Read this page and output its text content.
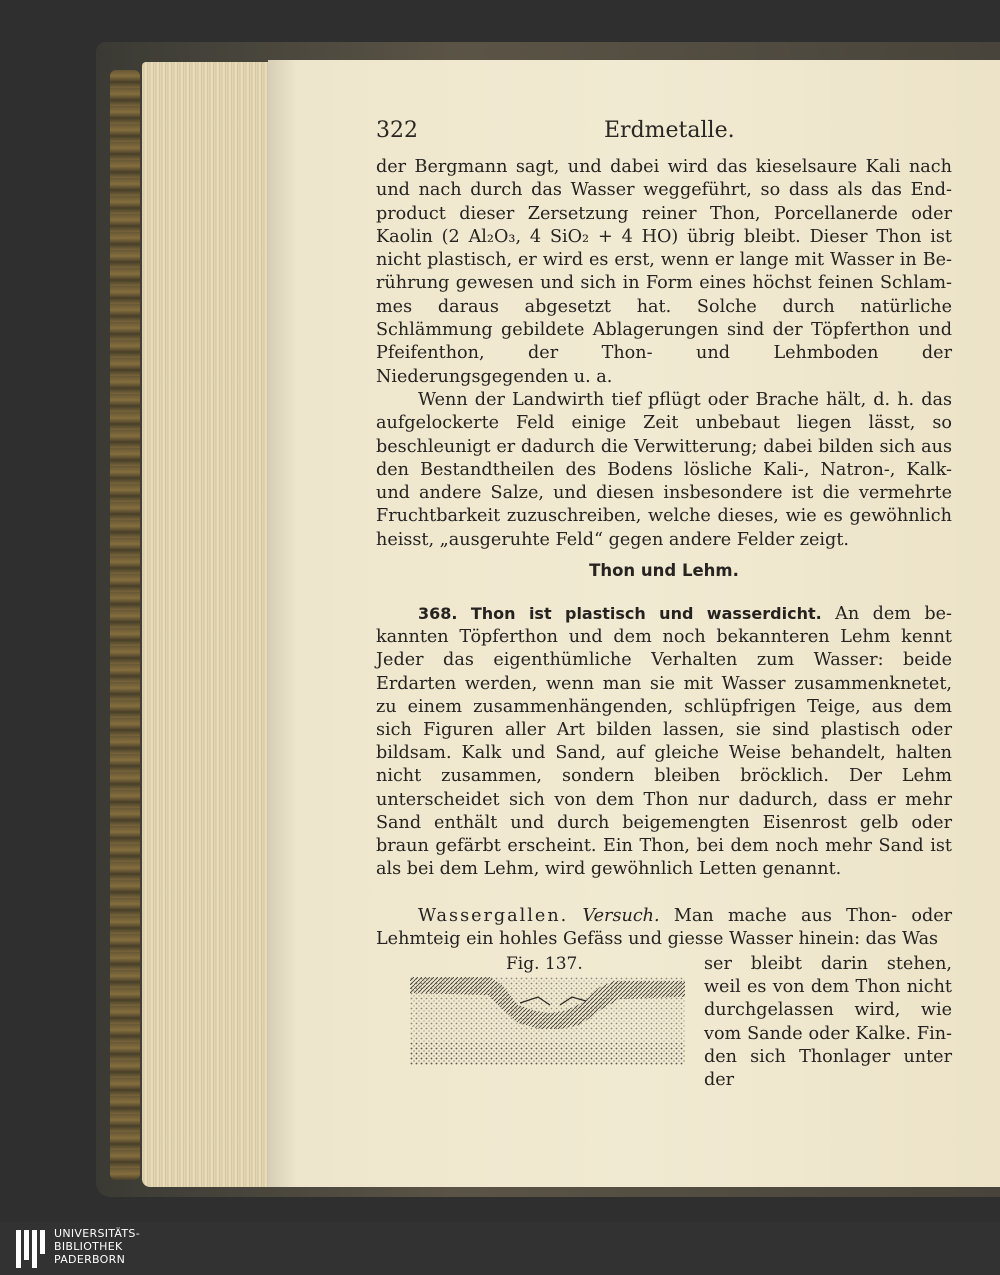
322	Erdmetalle.

der Bergmann sagt, und dabei wird das kieselsaure Kali nach und nach durch das Wasser weggeführt, so dass als das Endproduct dieser Zersetzung reiner Thon, Porcellanerde oder Kaolin (2 Al₂O₃, 4 SiO₂ + 4 HO) übrig bleibt. Dieser Thon ist nicht plastisch, er wird es erst, wenn er lange mit Wasser in Berührung gewesen und sich in Form eines höchst feinen Schlammes daraus abgesetzt hat. Solche durch natürliche Schlämmung gebildete Ablagerungen sind der Töpferthon und Pfeifenthon, der Thon- und Lehmboden der Niederungsgegenden u. a.

Wenn der Landwirth tief pflügt oder Brache hält, d. h. das aufgelockerte Feld einige Zeit unbebaut liegen lässt, so beschleunigt er dadurch die Verwitterung; dabei bilden sich aus den Bestandtheilen des Bodens lösliche Kali-, Natron-, Kalk- und andere Salze, und diesen insbesondere ist die vermehrte Fruchtbarkeit zuzuschreiben, welche dieses, wie es gewöhnlich heisst, „ausgeruhte Feld“ gegen andere Felder zeigt.

Thon und Lehm.

368. Thon ist plastisch und wasserdicht. An dem bekannten Töpferthon und dem noch bekannteren Lehm kennt Jeder das eigenthümliche Verhalten zum Wasser: beide Erdarten werden, wenn man sie mit Wasser zusammenknetet, zu einem zusammenhängenden, schlüpfrigen Teige, aus dem sich Figuren aller Art bilden lassen, sie sind plastisch oder bildsam. Kalk und Sand, auf gleiche Weise behandelt, halten nicht zusammen, sondern bleiben bröcklich. Der Lehm unterscheidet sich von dem Thon nur dadurch, dass er mehr Sand enthält und durch beigemengten Eisenrost gelb oder braun gefärbt erscheint. Ein Thon, bei dem noch mehr Sand ist als bei dem Lehm, wird gewöhnlich Letten genannt.

Wassergallen. Versuch. Man mache aus Thon- oder Lehmteig ein hohles Gefäss und giesse Wasser hinein: das Was

Fig. 137.	ser bleibt darin stehen, weil es von dem Thon nicht durchgelassen wird, wie vom Sande oder Kalke. Finden sich Thonlager unter der

UNIVERSITÄTS-
BIBLIOTHEK
PADERBORN
